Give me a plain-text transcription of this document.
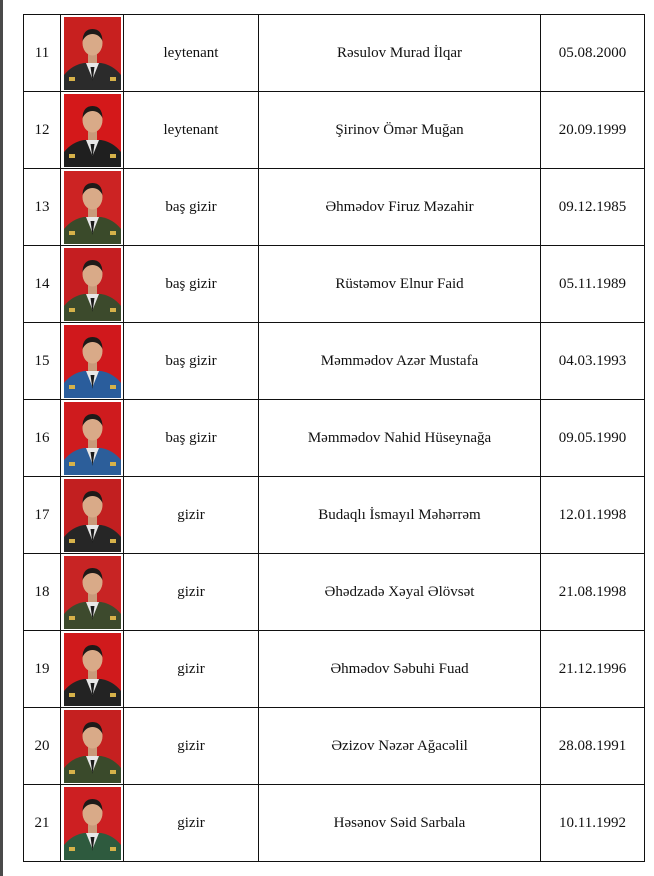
11		leytenant	Rəsulov Murad İlqar	05.08.2000
12		leytenant	Şirinov Ömər Muğan	20.09.1999
13		baş gizir	Əhmədov Firuz Məzahir	09.12.1985
14		baş gizir	Rüstəmov Elnur Faid	05.11.1989
15		baş gizir	Məmmədov Azər Mustafa	04.03.1993
16		baş gizir	Məmmədov Nahid Hüseynağa	09.05.1990
17		gizir	Budaqlı İsmayıl Məhərrəm	12.01.1998
18		gizir	Əhədzadə Xəyal Əlövsət	21.08.1998
19		gizir	Əhmədov Səbuhi Fuad	21.12.1996
20		gizir	Əzizov Nəzər Ağacəlil	28.08.1991
21		gizir	Həsənov Səid Sarbala	10.11.1992
